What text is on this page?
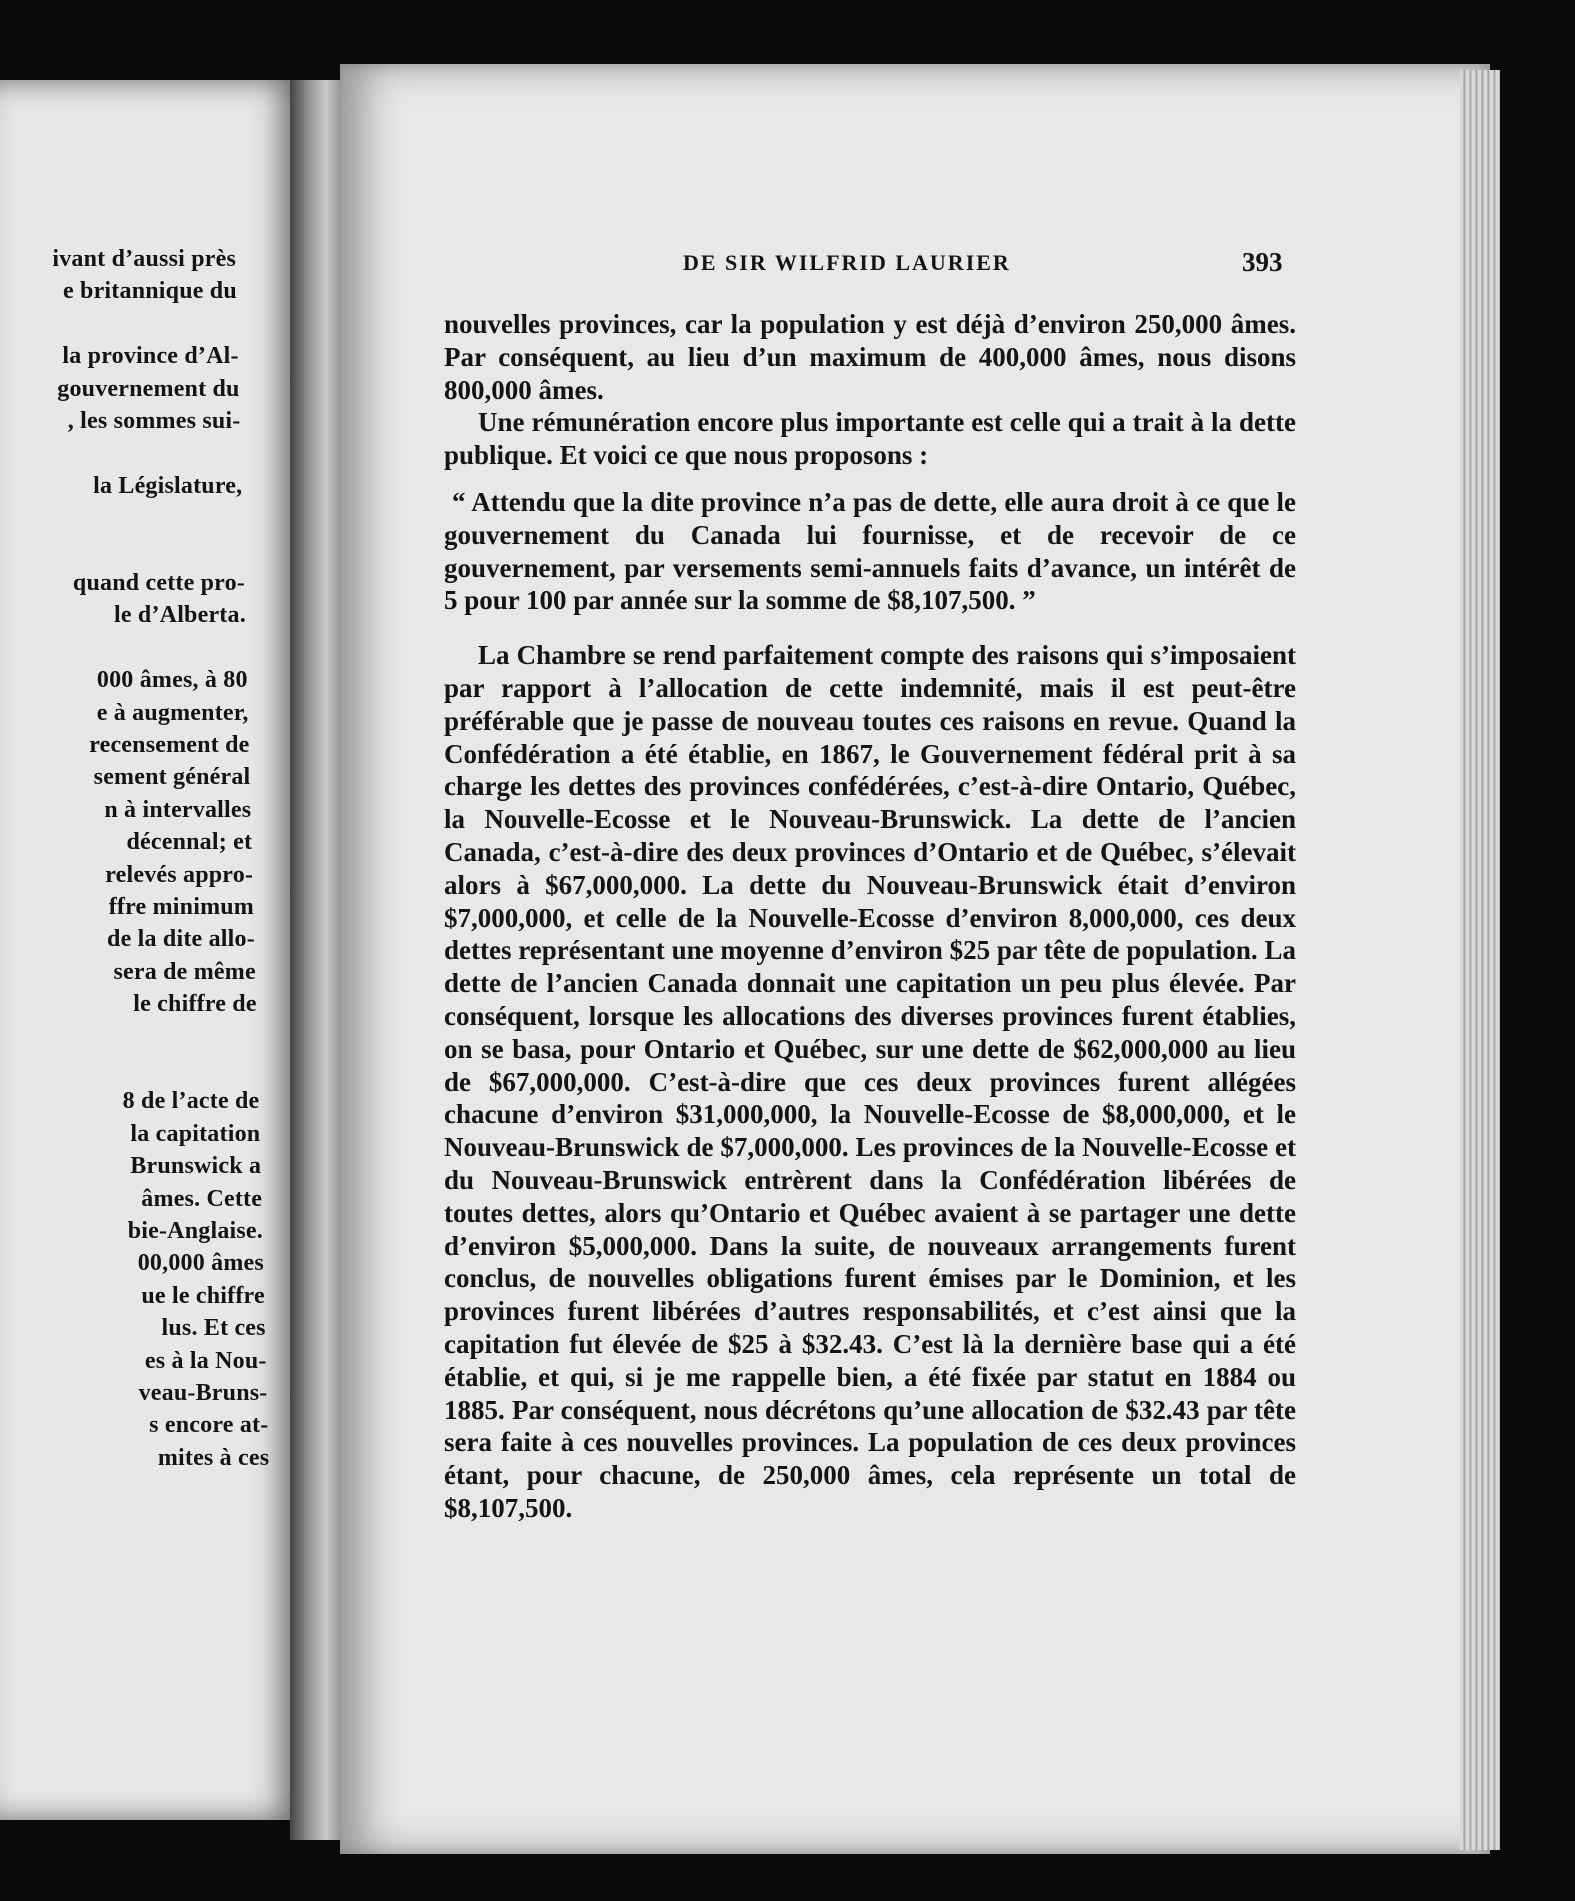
ivant d’aussi près
e britannique du
la province d’Al-
gouvernement du
, les sommes sui-
la Législature,
quand cette pro-
le d’Alberta.
000 âmes, à 80
e à augmenter,
recensement de
sement général
n à intervalles
décennal; et
relevés appro-
ffre minimum
de la dite allo-
sera de même
le chiffre de
8 de l’acte de
la capitation
Brunswick a
âmes. Cette
bie-Anglaise.
00,000 âmes
ue le chiffre
lus. Et ces
es à la Nou-
veau-Bruns-
s encore at-
mites à ces
DE SIR WILFRID LAURIER	393

nouvelles provinces, car la population y est déjà d’environ 250,000 âmes. Par conséquent, au lieu d’un maximum de 400,000 âmes, nous disons 800,000 âmes.

Une rémunération encore plus importante est celle qui a trait à la dette publique. Et voici ce que nous proposons :

“ Attendu que la dite province n’a pas de dette, elle aura droit à ce que le gouvernement du Canada lui fournisse, et de recevoir de ce gouvernement, par versements semi-annuels faits d’avance, un intérêt de 5 pour 100 par année sur la somme de $8,107,500. ”

La Chambre se rend parfaitement compte des raisons qui s’imposaient par rapport à l’allocation de cette indemnité, mais il est peut-être préférable que je passe de nouveau toutes ces raisons en revue. Quand la Confédération a été établie, en 1867, le Gouvernement fédéral prit à sa charge les dettes des provinces confédérées, c’est-à-dire Ontario, Québec, la Nouvelle-Ecosse et le Nouveau-Brunswick. La dette de l’ancien Canada, c’est-à-dire des deux provinces d’Ontario et de Québec, s’élevait alors à $67,000,000. La dette du Nouveau-Brunswick était d’environ $7,000,000, et celle de la Nouvelle-Ecosse d’environ 8,000,000, ces deux dettes représentant une moyenne d’environ $25 par tête de population. La dette de l’ancien Canada donnait une capitation un peu plus élevée. Par conséquent, lorsque les allocations des diverses provinces furent établies, on se basa, pour Ontario et Québec, sur une dette de $62,000,000 au lieu de $67,000,000. C’est-à-dire que ces deux provinces furent allégées chacune d’environ $31,000,000, la Nouvelle-Ecosse de $8,000,000, et le Nouveau-Brunswick de $7,000,000. Les provinces de la Nouvelle-Ecosse et du Nouveau-Brunswick entrèrent dans la Confédération libérées de toutes dettes, alors qu’Ontario et Québec avaient à se partager une dette d’environ $5,000,000. Dans la suite, de nouveaux arrangements furent conclus, de nouvelles obligations furent émises par le Dominion, et les provinces furent libérées d’autres responsabilités, et c’est ainsi que la capitation fut élevée de $25 à $32.43. C’est là la dernière base qui a été établie, et qui, si je me rappelle bien, a été fixée par statut en 1884 ou 1885. Par conséquent, nous décrétons qu’une allocation de $32.43 par tête sera faite à ces nouvelles provinces. La population de ces deux provinces étant, pour chacune, de 250,000 âmes, cela représente un total de $8,107,500.
